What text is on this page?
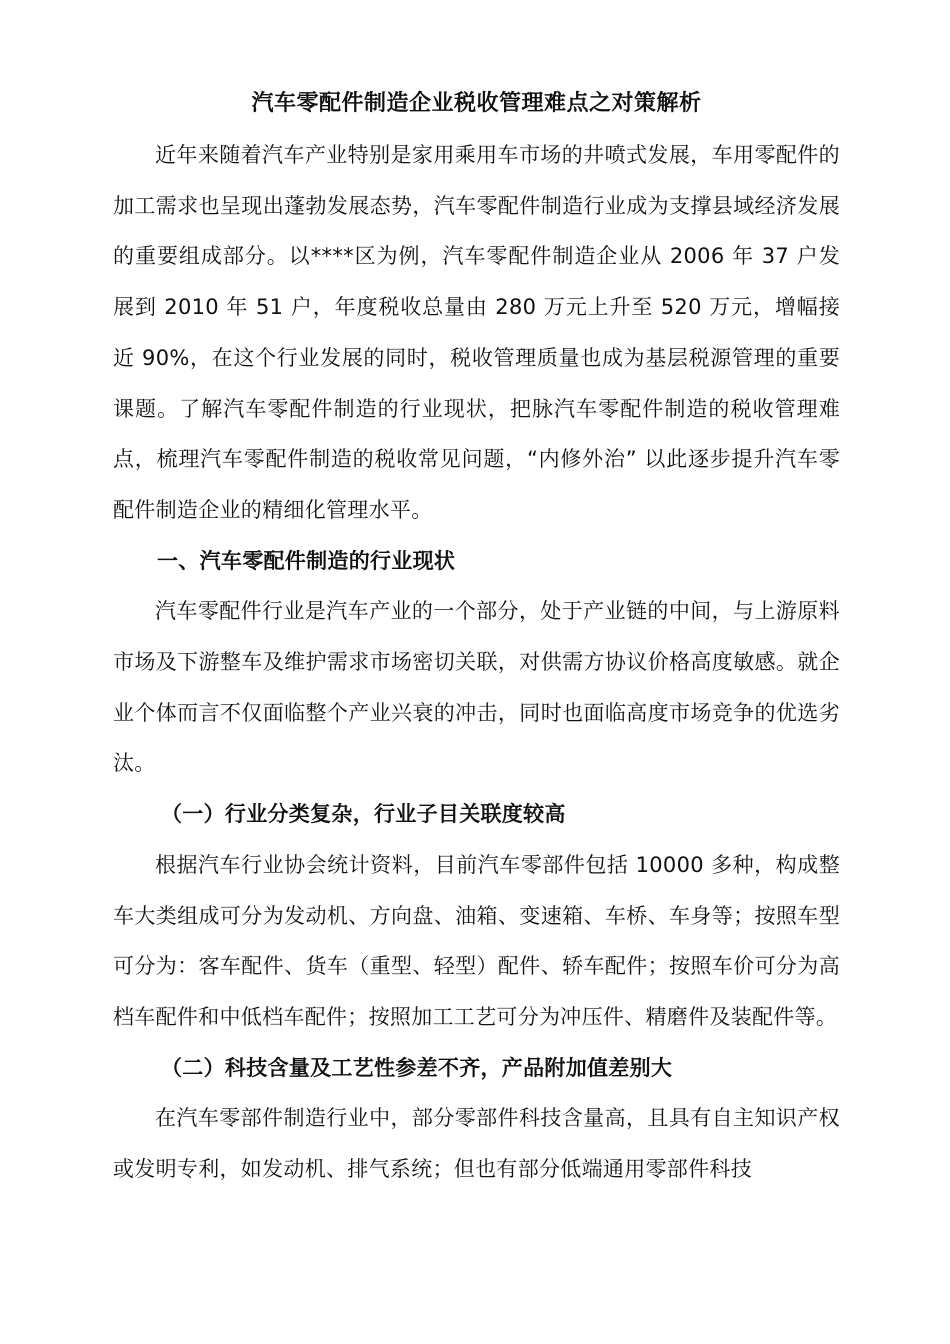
汽车零配件制造企业税收管理难点之对策解析

近年来随着汽车产业特别是家用乘用车市场的井喷式发展，车用零配件的加工需求也呈现出蓬勃发展态势，汽车零配件制造行业成为支撑县域经济发展的重要组成部分。以****区为例，汽车零配件制造企业从 2006 年 37 户发展到 2010 年 51 户，年度税收总量由 280 万元上升至 520 万元，增幅接近 90%，在这个行业发展的同时，税收管理质量也成为基层税源管理的重要课题。了解汽车零配件制造的行业现状，把脉汽车零配件制造的税收管理难点，梳理汽车零配件制造的税收常见问题，“内修外治” 以此逐步提升汽车零配件制造企业的精细化管理水平。

一、汽车零配件制造的行业现状

汽车零配件行业是汽车产业的一个部分，处于产业链的中间，与上游原料市场及下游整车及维护需求市场密切关联，对供需方协议价格高度敏感。就企业个体而言不仅面临整个产业兴衰的冲击，同时也面临高度市场竞争的优选劣汰。

（一）行业分类复杂，行业子目关联度较高

根据汽车行业协会统计资料，目前汽车零部件包括 10000 多种，构成整车大类组成可分为发动机、方向盘、油箱、变速箱、车桥、车身等；按照车型可分为：客车配件、货车（重型、轻型）配件、轿车配件；按照车价可分为高档车配件和中低档车配件；按照加工工艺可分为冲压件、精磨件及装配件等。

（二）科技含量及工艺性参差不齐，产品附加值差别大

在汽车零部件制造行业中，部分零部件科技含量高，且具有自主知识产权或发明专利，如发动机、排气系统；但也有部分低端通用零部件科技
